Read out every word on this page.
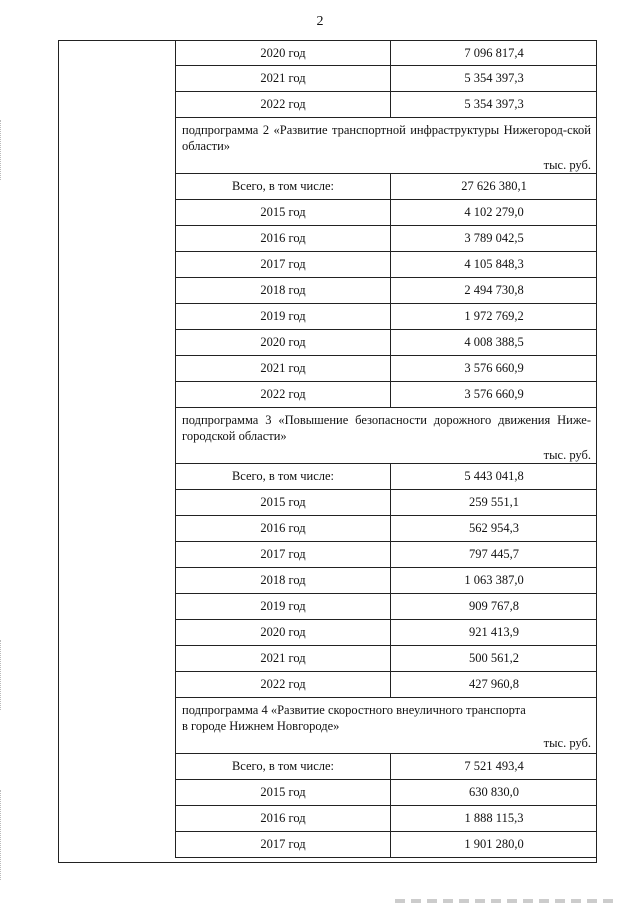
2
2020 год	7 096 817,4
2021 год	5 354 397,3
2022 год	5 354 397,3
подпрограмма 2 «Развитие транспортной инфраструктуры Нижегород-ской области»
тыс. руб.
Всего, в том числе:	27 626 380,1
2015 год	4 102 279,0
2016 год	3 789 042,5
2017 год	4 105 848,3
2018 год	2 494 730,8
2019 год	1 972 769,2
2020 год	4 008 388,5
2021 год	3 576 660,9
2022 год	3 576 660,9
подпрограмма 3 «Повышение безопасности дорожного движения Ниже-городской области»
тыс. руб.
Всего, в том числе:	5 443 041,8
2015 год	259 551,1
2016 год	562 954,3
2017 год	797 445,7
2018 год	1 063 387,0
2019 год	909 767,8
2020 год	921 413,9
2021 год	500 561,2
2022 год	427 960,8
подпрограмма 4 «Развитие скоростного внеуличного транспорта
в городе Нижнем Новгороде»
тыс. руб.
Всего, в том числе:	7 521 493,4
2015 год	630 830,0
2016 год	1 888 115,3
2017 год	1 901 280,0
